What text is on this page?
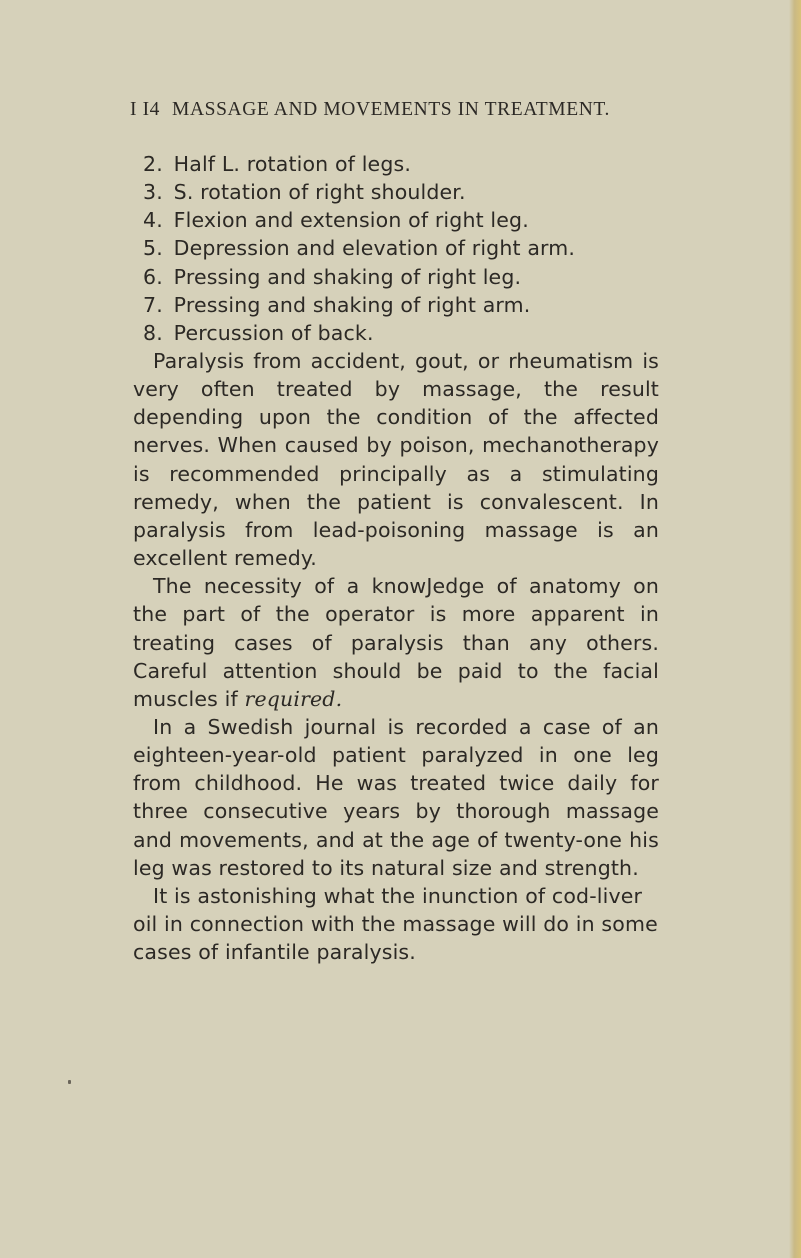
I I4 MASSAGE AND MOVEMENTS IN TREATMENT.
2. Half L. rotation of legs.
3. S. rotation of right shoulder.
4. Flexion and extension of right leg.
5. Depression and elevation of right arm.
6. Pressing and shaking of right leg.
7. Pressing and shaking of right arm.
8. Percussion of back.

Paralysis from accident, gout, or rheumatism is very often treated by massage, the result depending upon the condition of the affected nerves. When caused by poison, mechanotherapy is recommended principally as a stimulating remedy, when the patient is convalescent. In paralysis from lead-poisoning massage is an excellent remedy.

The necessity of a knowJedge of anatomy on the part of the operator is more apparent in treating cases of paralysis than any others. Careful attention should be paid to the facial muscles if required.

In a Swedish journal is recorded a case of an eighteen-year-old patient paralyzed in one leg from childhood. He was treated twice daily for three consecutive years by thorough massage and movements, and at the age of twenty-one his leg was restored to its natural size and strength.

It is astonishing what the inunction of cod-liver oil in connection with the massage will do in some cases of infantile paralysis.
